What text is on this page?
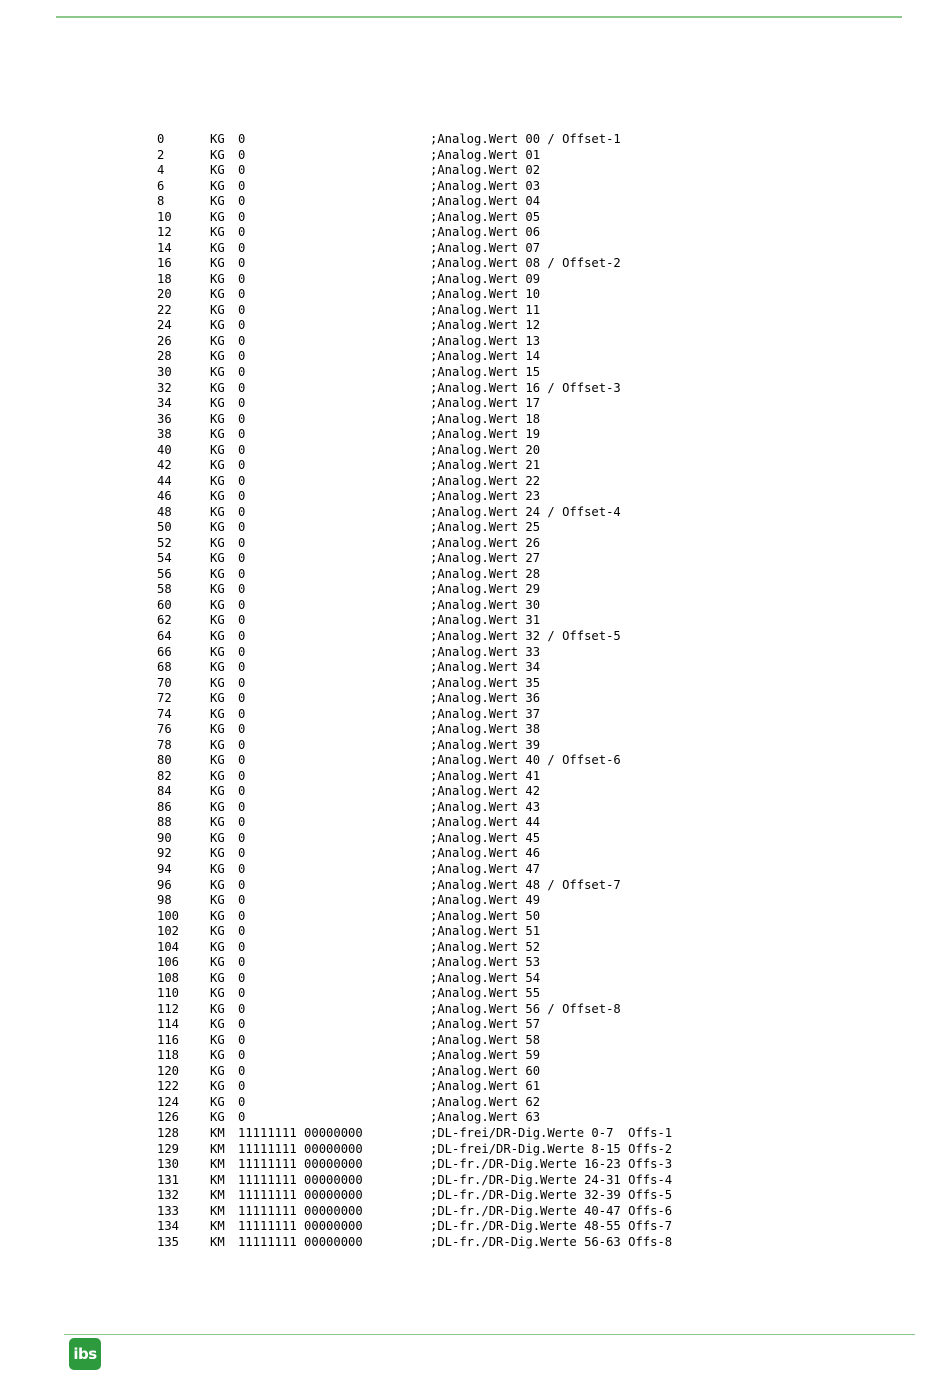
0	KG 0	;Analog.Wert 00 / Offset-1
2	KG 0	;Analog.Wert 01
4	KG 0	;Analog.Wert 02
6	KG 0	;Analog.Wert 03
8	KG 0	;Analog.Wert 04
10	KG 0	;Analog.Wert 05
12	KG 0	;Analog.Wert 06
14	KG 0	;Analog.Wert 07
16	KG 0	;Analog.Wert 08 / Offset-2
18	KG 0	;Analog.Wert 09
20	KG 0	;Analog.Wert 10
22	KG 0	;Analog.Wert 11
24	KG 0	;Analog.Wert 12
26	KG 0	;Analog.Wert 13
28	KG 0	;Analog.Wert 14
30	KG 0	;Analog.Wert 15
32	KG 0	;Analog.Wert 16 / Offset-3
34	KG 0	;Analog.Wert 17
36	KG 0	;Analog.Wert 18
38	KG 0	;Analog.Wert 19
40	KG 0	;Analog.Wert 20
42	KG 0	;Analog.Wert 21
44	KG 0	;Analog.Wert 22
46	KG 0	;Analog.Wert 23
48	KG 0	;Analog.Wert 24 / Offset-4
50	KG 0	;Analog.Wert 25
52	KG 0	;Analog.Wert 26
54	KG 0	;Analog.Wert 27
56	KG 0	;Analog.Wert 28
58	KG 0	;Analog.Wert 29
60	KG 0	;Analog.Wert 30
62	KG 0	;Analog.Wert 31
64	KG 0	;Analog.Wert 32 / Offset-5
66	KG 0	;Analog.Wert 33
68	KG 0	;Analog.Wert 34
70	KG 0	;Analog.Wert 35
72	KG 0	;Analog.Wert 36
74	KG 0	;Analog.Wert 37
76	KG 0	;Analog.Wert 38
78	KG 0	;Analog.Wert 39
80	KG 0	;Analog.Wert 40 / Offset-6
82	KG 0	;Analog.Wert 41
84	KG 0	;Analog.Wert 42
86	KG 0	;Analog.Wert 43
88	KG 0	;Analog.Wert 44
90	KG 0	;Analog.Wert 45
92	KG 0	;Analog.Wert 46
94	KG 0	;Analog.Wert 47
96	KG 0	;Analog.Wert 48 / Offset-7
98	KG 0	;Analog.Wert 49
100	KG 0	;Analog.Wert 50
102	KG 0	;Analog.Wert 51
104	KG 0	;Analog.Wert 52
106	KG 0	;Analog.Wert 53
108	KG 0	;Analog.Wert 54
110	KG 0	;Analog.Wert 55
112	KG 0	;Analog.Wert 56 / Offset-8
114	KG 0	;Analog.Wert 57
116	KG 0	;Analog.Wert 58
118	KG 0	;Analog.Wert 59
120	KG 0	;Analog.Wert 60
122	KG 0	;Analog.Wert 61
124	KG 0	;Analog.Wert 62
126	KG 0	;Analog.Wert 63
128	KM 11111111 00000000	;DL-frei/DR-Dig.Werte 0-7  Offs-1
129	KM 11111111 00000000	;DL-frei/DR-Dig.Werte 8-15 Offs-2
130	KM 11111111 00000000	;DL-fr./DR-Dig.Werte 16-23 Offs-3
131	KM 11111111 00000000	;DL-fr./DR-Dig.Werte 24-31 Offs-4
132	KM 11111111 00000000	;DL-fr./DR-Dig.Werte 32-39 Offs-5
133	KM 11111111 00000000	;DL-fr./DR-Dig.Werte 40-47 Offs-6
134	KM 11111111 00000000	;DL-fr./DR-Dig.Werte 48-55 Offs-7
135	KM 11111111 00000000	;DL-fr./DR-Dig.Werte 56-63 Offs-8
ibs
